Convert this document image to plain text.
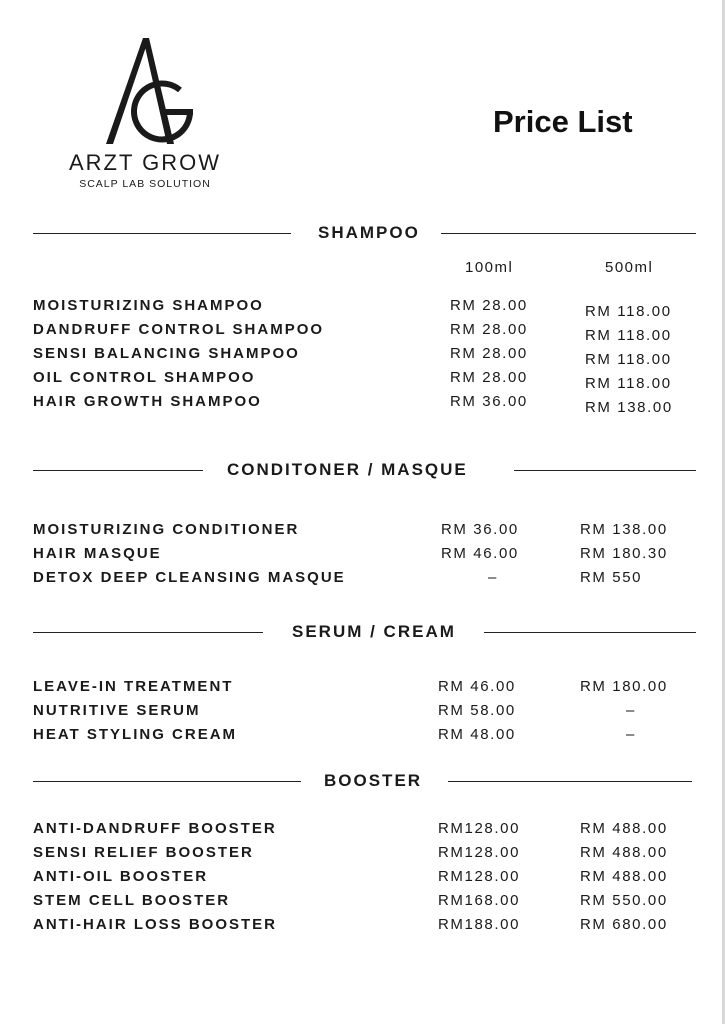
ARZT GROW
SCALP LAB SOLUTION
Price List
SHAMPOO
100ml	500ml
MOISTURIZING SHAMPOO	RM 28.00	RM 118.00
DANDRUFF CONTROL SHAMPOO	RM 28.00	RM 118.00
SENSI BALANCING SHAMPOO	RM 28.00	RM 118.00
OIL CONTROL SHAMPOO	RM 28.00	RM 118.00
HAIR GROWTH SHAMPOO	RM 36.00	RM 138.00
CONDITONER / MASQUE
MOISTURIZING CONDITIONER	RM 36.00	RM 138.00
HAIR MASQUE	RM 46.00	RM 180.30
DETOX DEEP CLEANSING MASQUE	–	RM 550
SERUM / CREAM
LEAVE-IN TREATMENT	RM 46.00	RM 180.00
NUTRITIVE SERUM	RM 58.00	–
HEAT STYLING CREAM	RM 48.00	–
BOOSTER
ANTI-DANDRUFF BOOSTER	RM128.00	RM 488.00
SENSI RELIEF BOOSTER	RM128.00	RM 488.00
ANTI-OIL BOOSTER	RM128.00	RM 488.00
STEM CELL BOOSTER	RM168.00	RM 550.00
ANTI-HAIR LOSS BOOSTER	RM188.00	RM 680.00
